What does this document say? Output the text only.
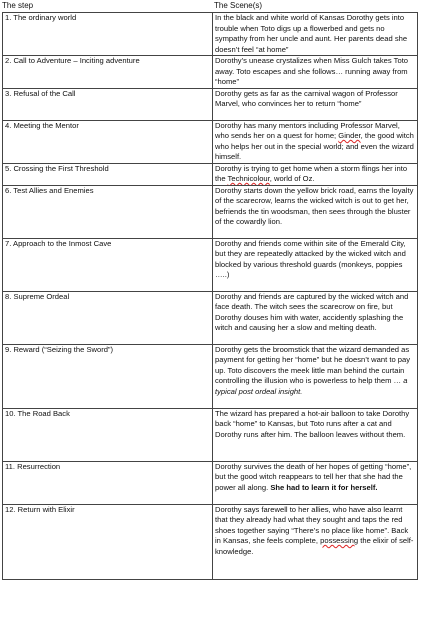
The step	The Scene(s)
1. The ordinary world	In the black and white world of Kansas Dorothy gets into trouble when Toto digs up a flowerbed and gets no sympathy from her uncle and aunt. Her parents dead she doesn’t feel “at home”
2. Call to Adventure – Inciting adventure	Dorothy’s unease crystalizes when Miss Gulch takes Toto away. Toto escapes and she follows… running away from “home”
3. Refusal of the Call	Dorothy gets as far as the carnival wagon of Professor Marvel, who convinces her to return “home”
4. Meeting the Mentor	Dorothy has many mentors including Professor Marvel, who sends her on a quest for home; Ginder, the good witch who helps her out in the special world; and even the wizard himself.
5. Crossing the First Threshold	Dorothy is trying to get home when a storm flings her into the Technicolour, world of Oz.
6. Test Allies and Enemies	Dorothy starts down the yellow brick road, earns the loyalty of the scarecrow, learns the wicked witch is out to get her, befriends the tin woodsman, then sees through the bluster of the cowardly lion.
7. Approach to the Inmost Cave	Dorothy and friends come within site of the Emerald City, but they are repeatedly attacked by the wicked witch and blocked by various threshold guards (monkeys, poppies …..)
8. Supreme Ordeal	Dorothy and friends are captured by the wicked witch and face death. The witch sees the scarecrow on fire, but Dorothy douses him with water, accidently splashing the witch and causing her a slow and melting death.
9. Reward (“Seizing the Sword”)	Dorothy gets the broomstick that the wizard demanded as payment for getting her “home” but he doesn’t want to pay up. Toto discovers the meek little man behind the curtain controlling the illusion who is powerless to help them … a typical post ordeal insight.
10. The Road Back	The wizard has prepared a hot-air balloon to take Dorothy back “home” to Kansas, but Toto runs after a cat and Dorothy runs after him. The balloon leaves without them.
11. Resurrection	Dorothy survives the death of her hopes of getting “home”, but the good witch reappears to tell her that she had the power all along. She had to learn it for herself.
12. Return with Elixir	Dorothy says farewell to her allies, who have also learnt that they already had what they sought and taps the red shoes together saying “There’s no place like home”. Back in Kansas, she feels complete, possessing the elixir of self-knowledge.
